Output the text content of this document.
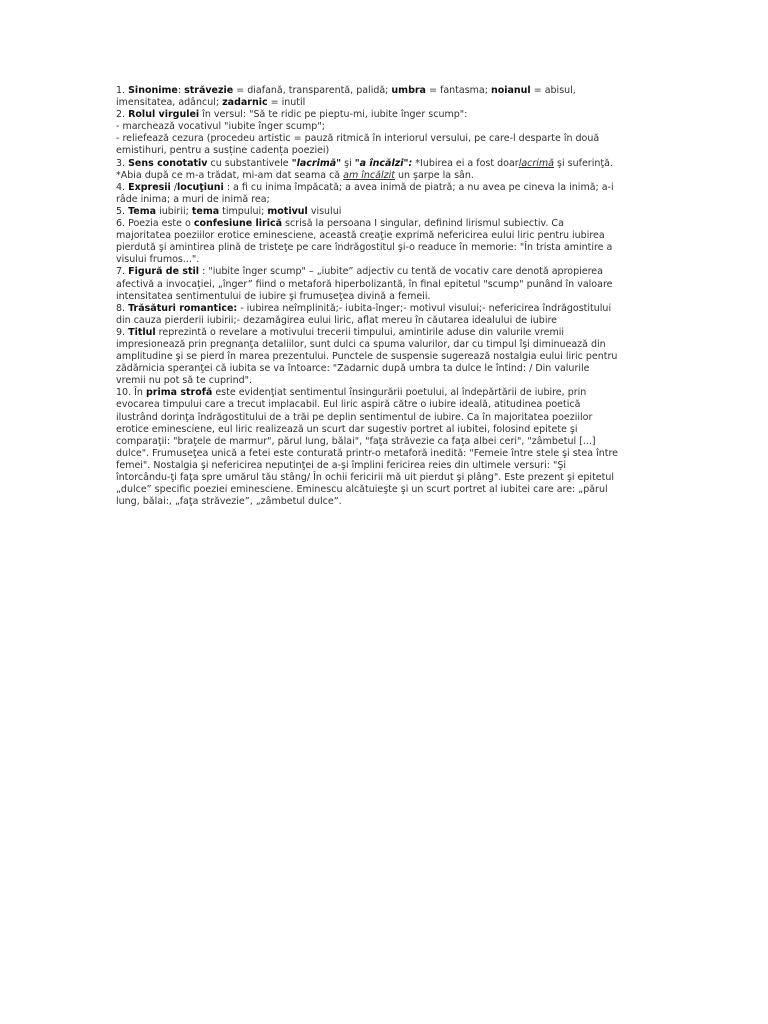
1. Sinonime: străvezie = diafană, transparentă, palidă; umbra = fantasma; noianul = abisul,
imensitatea, adâncul; zadarnic = inutil
2. Rolul virgulei în versul: "Să te ridic pe pieptu-mi, iubite înger scump":
- marchează vocativul "iubite înger scump";
- reliefează cezura (procedeu artistic = pauză ritmică în interiorul versului, pe care-l desparte în două
emistihuri, pentru a susține cadența poeziei)
3. Sens conotativ cu substantivele "lacrimă" şi "a încălzi": *Iubirea ei a fost doarlacrimă şi suferinţă.
*Abia după ce m-a trădat, mi-am dat seama că am încălzit un şarpe la sân.
4. Expresii /locuţiuni : a fi cu inima împăcată; a avea inimă de piatră; a nu avea pe cineva la inimă; a-i
râde inima; a muri de inimă rea;
5. Tema iubirii; tema timpului; motivul visului
6. Poezia este o confesiune lirică scrisă la persoana I singular, definind lirismul subiectiv. Ca
majoritatea poeziilor erotice eminesciene, această creaţie exprimă nefericirea eului liric pentru iubirea
pierdută şi amintirea plină de tristeţe pe care îndrăgostitul şi-o readuce în memorie: "În trista amintire a
visului frumos...".
7. Figură de stil : "iubite înger scump" – „iubite” adjectiv cu tentă de vocativ care denotă apropierea
afectivă a invocaţiei, „înger” fiind o metaforă hiperbolizantă, în final epitetul "scump" punând în valoare
intensitatea sentimentului de iubire şi frumuseţea divină a femeii.
8. Trăsături romantice: - iubirea neîmplinită;- iubita-înger;- motivul visului;- nefericirea îndrăgostitului
din cauza pierderii iubirii;- dezamăgirea eului liric, aflat mereu în căutarea idealului de iubire
9. Titlul reprezintă o revelare a motivului trecerii timpului, amintirile aduse din valurile vremii
impresionează prin pregnanţa detaliilor, sunt dulci ca spuma valurilor, dar cu timpul îşi diminuează din
amplitudine şi se pierd în marea prezentului. Punctele de suspensie sugerează nostalgia eului liric pentru
zădărnicia speranţei că iubita se va întoarce: "Zadarnic după umbra ta dulce le întind: / Din valurile
vremii nu pot să te cuprind".
10. În prima strofă este evidenţiat sentimentul însingurării poetului, al îndepărtării de iubire, prin
evocarea timpului care a trecut implacabil. Eul liric aspiră către o iubire ideală, atitudinea poetică
ilustrând dorinţa îndrăgostitului de a trăi pe deplin sentimentul de iubire. Ca în majoritatea poeziilor
erotice eminesciene, eul liric realizează un scurt dar sugestiv portret al iubitei, folosind epitete şi
comparaţii: "braţele de marmur", părul lung, bălai", "faţa străvezie ca faţa albei ceri", "zâmbetul [...]
dulce". Frumuseţea unică a fetei este conturată printr-o metaforă inedită: "Femeie între stele şi stea între
femei". Nostalgia şi nefericirea neputinţei de a-şi împlini fericirea reies din ultimele versuri: "Şi
întorcându-ţi faţa spre umărul tău stâng/ În ochii fericirii mă uit pierdut şi plâng". Este prezent şi epitetul
„dulce” specific poeziei eminesciene. Eminescu alcătuieşte şi un scurt portret al iubitei care are: „părul
lung, bălai:, „faţa străvezie”, „zâmbetul dulce”.
